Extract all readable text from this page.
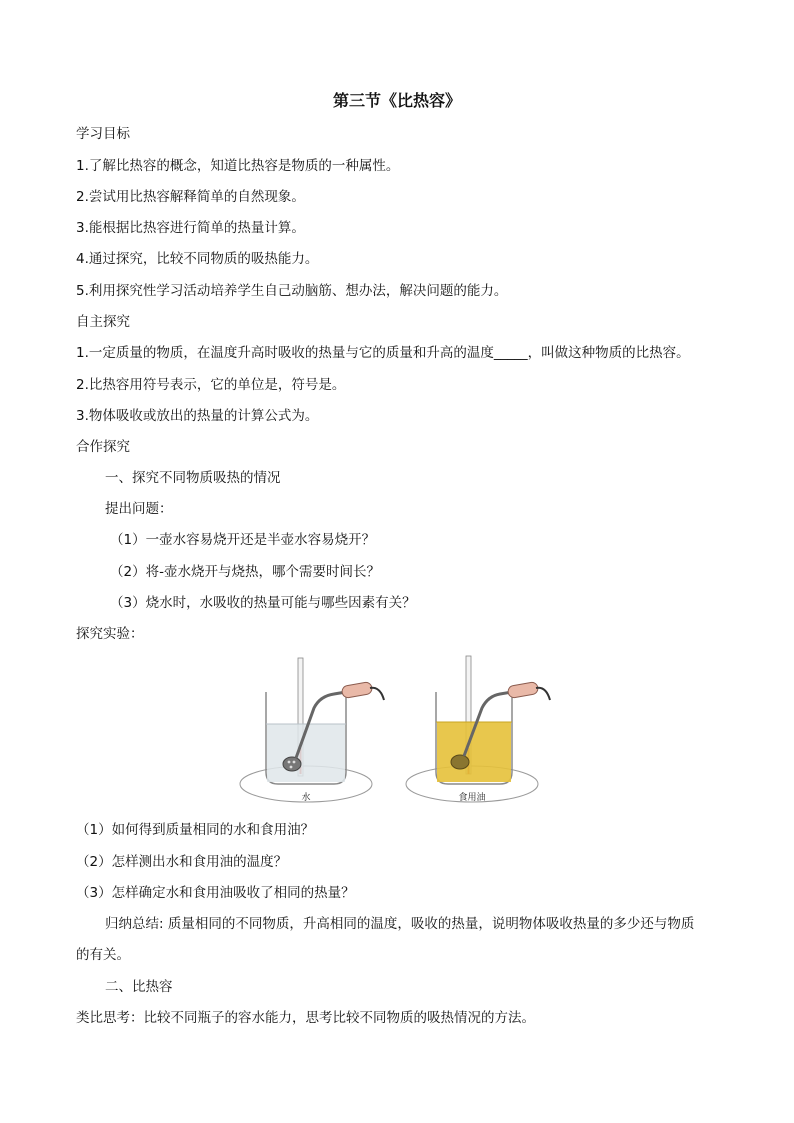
第三节《比热容》
学习目标
1.了解比热容的概念，知道比热容是物质的一种属性。
2.尝试用比热容解释简单的自然现象。
3.能根据比热容进行简单的热量计算。
4.通过探究，比较不同物质的吸热能力。
5.利用探究性学习活动培养学生自己动脑筋、想办法，解决问题的能力。
自主探究
1.一定质量的物质，在温度升高时吸收的热量与它的质量和升高的温度_____，叫做这种物质的比热容。
2.比热容用符号表示，它的单位是，符号是。
3.物体吸收或放出的热量的计算公式为。
合作探究
一、探究不同物质吸热的情况
提出问题：
（1）一壶水容易烧开还是半壶水容易烧开？
（2）将-壶水烧开与烧热，哪个需要时间长？
（3）烧水时，水吸收的热量可能与哪些因素有关？
探究实验：
水	食用油
（1）如何得到质量相同的水和食用油？
（2）怎样测出水和食用油的温度？
（3）怎样确定水和食用油吸收了相同的热量？
归纳总结: 质量相同的不同物质，升高相同的温度，吸收的热量，说明物体吸收热量的多少还与物质
的有关。
二、比热容
类比思考：比较不同瓶子的容水能力，思考比较不同物质的吸热情况的方法。
